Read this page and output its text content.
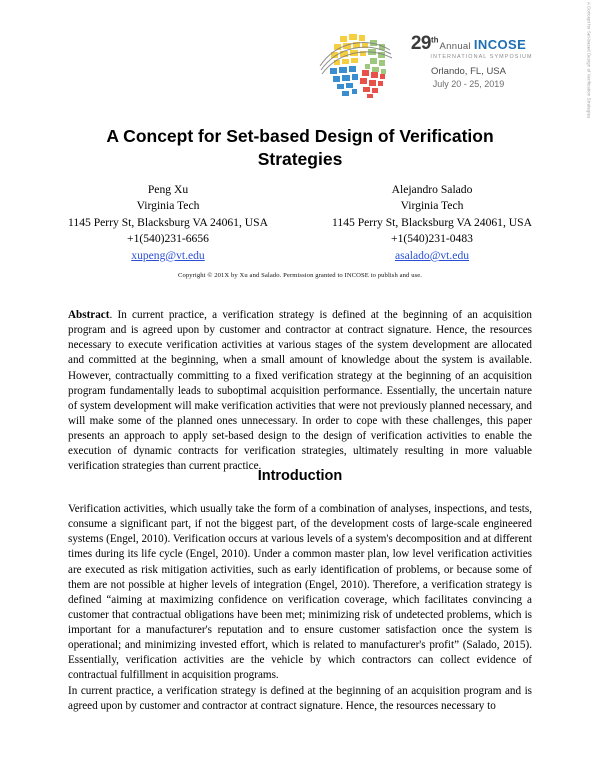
29thAnnual INCOSE
INTERNATIONAL SYMPOSIUM
Orlando, FL, USA
July 20 - 25, 2019
A Concept for Set-based Design of Verification Strategies
Peng Xu
Virginia Tech
1145 Perry St, Blacksburg VA 24061, USA
+1(540)231-6656
xupeng@vt.edu
Alejandro Salado
Virginia Tech
1145 Perry St, Blacksburg VA 24061, USA
+1(540)231-0483
asalado@vt.edu
Copyright © 201X by Xu and Salado. Permission granted to INCOSE to publish and use.

Abstract. In current practice, a verification strategy is defined at the beginning of an acquisition program and is agreed upon by customer and contractor at contract signature. Hence, the resources necessary to execute verification activities at various stages of the system development are allocated and committed at the beginning, when a small amount of knowledge about the system is available. However, contractually committing to a fixed verification strategy at the beginning of an acquisition program fundamentally leads to suboptimal acquisition performance. Essentially, the uncertain nature of system development will make verification activities that were not previously planned necessary, and will make some of the planned ones unnecessary. In order to cope with these challenges, this paper presents an approach to apply set-based design to the design of verification activities to enable the execution of dynamic contracts for verification strategies, ultimately resulting in more valuable verification strategies than current practice.

Introduction

Verification activities, which usually take the form of a combination of analyses, inspections, and tests, consume a significant part, if not the biggest part, of the development costs of large-scale engineered systems (Engel, 2010). Verification occurs at various levels of a system's decomposition and at different times during its life cycle (Engel, 2010). Under a common master plan, low level verification activities are executed as risk mitigation activities, such as early identification of problems, or because some of them are not possible at higher levels of integration (Engel, 2010). Therefore, a verification strategy is defined “aiming at maximizing confidence on verification coverage, which facilitates convincing a customer that contractual obligations have been met; minimizing risk of undetected problems, which is important for a manufacturer's reputation and to ensure customer satisfaction once the system is operational; and minimizing invested effort, which is related to manufacturer's profit” (Salado, 2015). Essentially, verification activities are the vehicle by which contractors can collect evidence of contractual fulfillment in acquisition programs.

In current practice, a verification strategy is defined at the beginning of an acquisition program and is agreed upon by customer and contractor at contract signature. Hence, the resources necessary to

A Concept for Set-based Design of Verification Strategies
